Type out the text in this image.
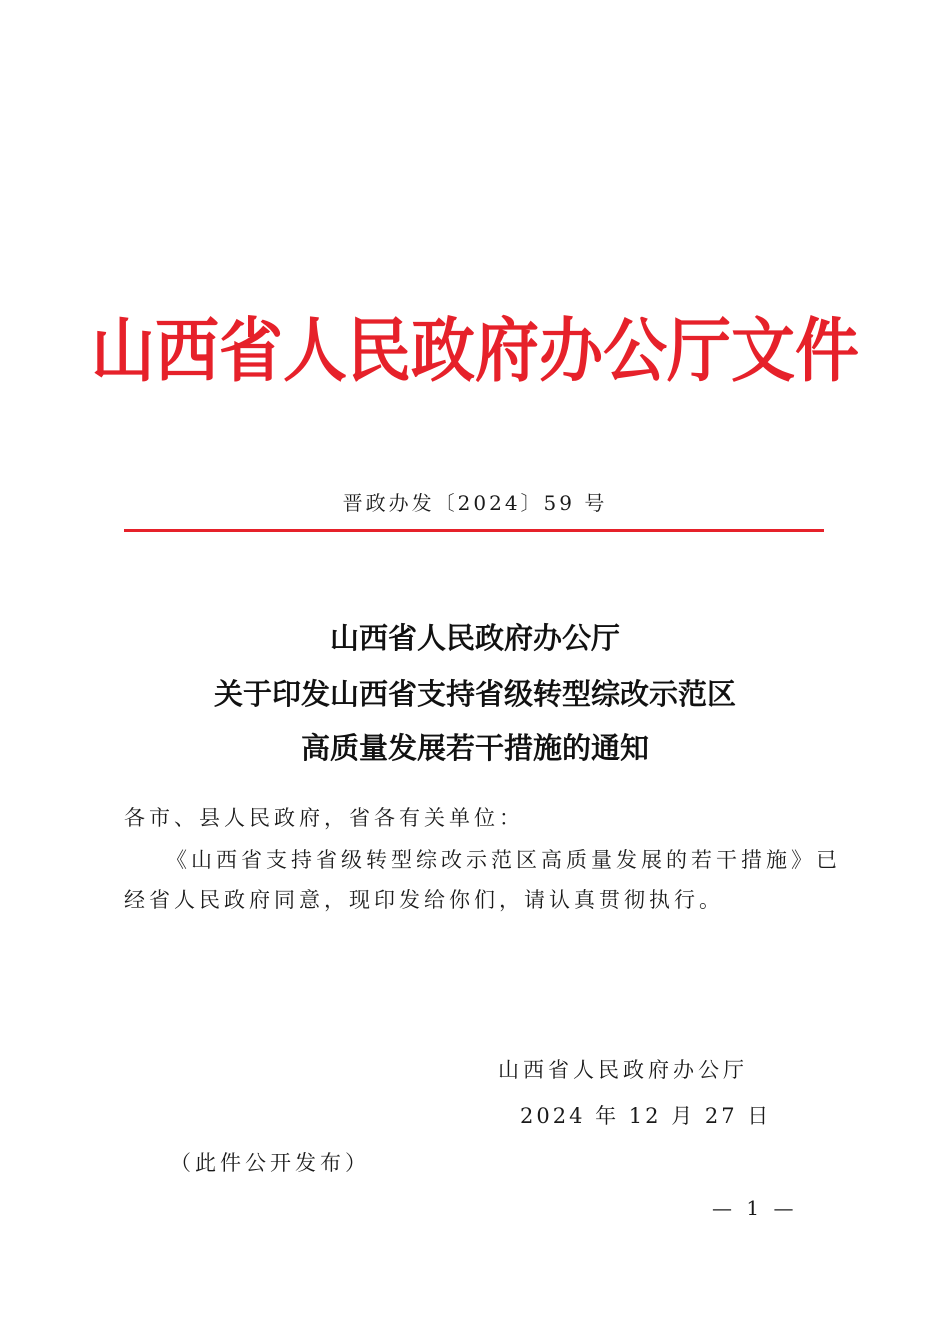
山西省人民政府办公厅文件
晋政办发〔2024〕59 号
山西省人民政府办公厅
关于印发山西省支持省级转型综改示范区
高质量发展若干措施的通知
各市、县人民政府，省各有关单位：
《山西省支持省级转型综改示范区高质量发展的若干措施》已
经省人民政府同意，现印发给你们，请认真贯彻执行。
山西省人民政府办公厅
2024 年 12 月 27 日
（此件公开发布）
— 1 —
